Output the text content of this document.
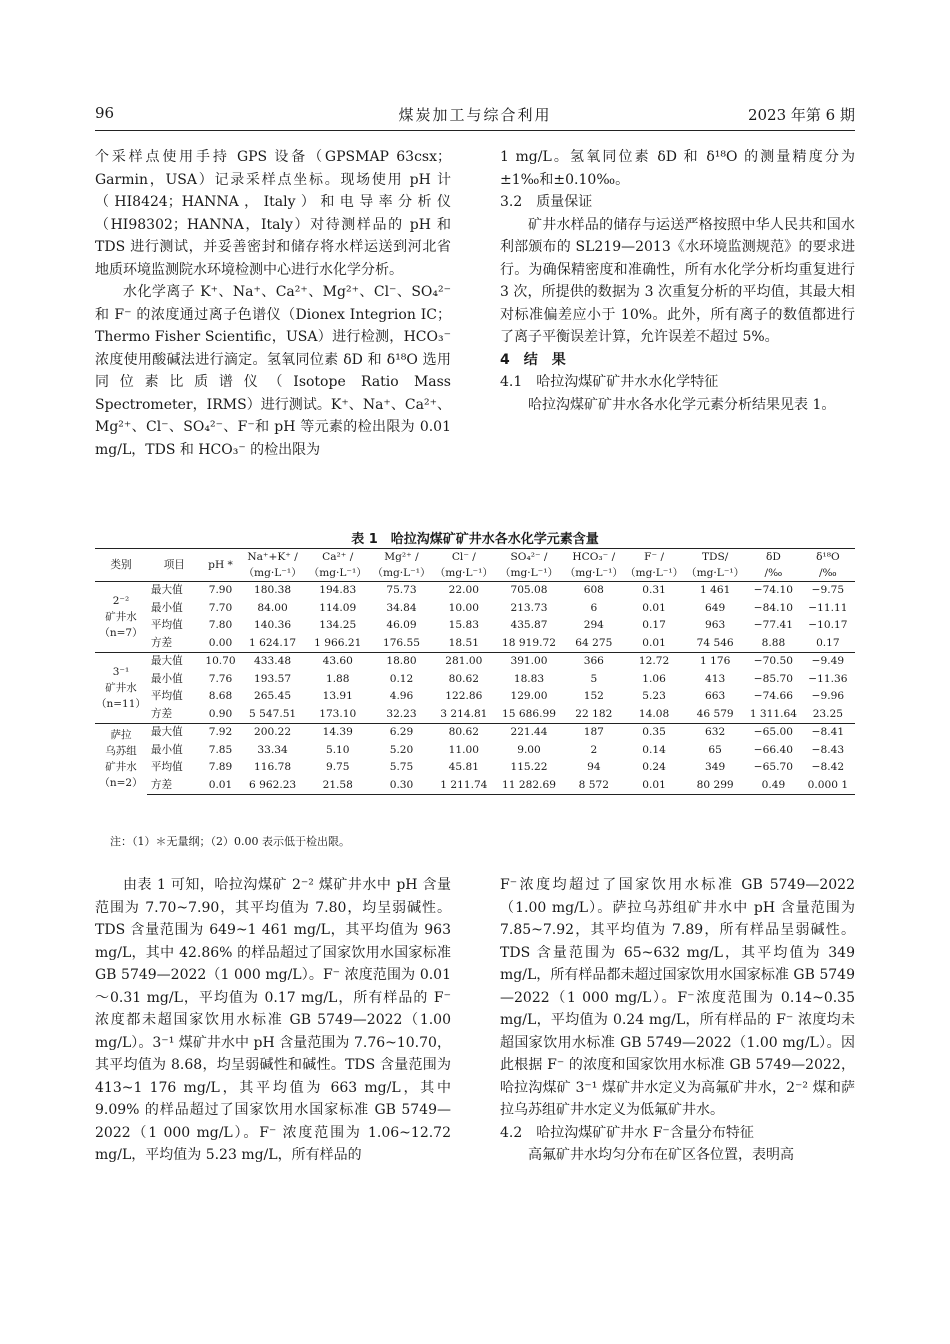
96	煤炭加工与综合利用	2023 年第 6 期

个采样点使用手持 GPS 设备（GPSMAP 63csx；Garmin，USA）记录采样点坐标。现场使用 pH 计（HI8424；HANNA，Italy）和电导率分析仪（HI98302；HANNA，Italy）对待测样品的 pH 和 TDS 进行测试，并妥善密封和储存将水样运送到河北省地质环境监测院水环境检测中心进行水化学分析。

水化学离子 K⁺、Na⁺、Ca²⁺、Mg²⁺、Cl⁻、SO₄²⁻ 和 F⁻ 的浓度通过离子色谱仪（Dionex Integrion IC；Thermo Fisher Scientific，USA）进行检测，HCO₃⁻ 浓度使用酸碱法进行滴定。氢氧同位素 δD 和 δ¹⁸O 选用同位素比质谱仪（Isotope Ratio Mass Spectrometer，IRMS）进行测试。K⁺、Na⁺、Ca²⁺、Mg²⁺、Cl⁻、SO₄²⁻、F⁻和 pH 等元素的检出限为 0.01 mg/L，TDS 和 HCO₃⁻ 的检出限为

1 mg/L。氢氧同位素 δD 和 δ¹⁸O 的测量精度分为 ±1‰和±0.10‰。

3.2　质量保证

矿井水样品的储存与运送严格按照中华人民共和国水利部颁布的 SL219—2013《水环境监测规范》的要求进行。为确保精密度和准确性，所有水化学分析均重复进行 3 次，所提供的数据为 3 次重复分析的平均值，其最大相对标准偏差应小于 10%。此外，所有离子的数值都进行了离子平衡误差计算，允许误差不超过 5%。

4　结　果

4.1　哈拉沟煤矿矿井水水化学特征

哈拉沟煤矿矿井水各水化学元素分析结果见表 1。

表 1　哈拉沟煤矿矿井水各水化学元素含量
类别	项目	pH *	Na⁺+K⁺ /	Ca²⁺ /	Mg²⁺ /	Cl⁻ /	SO₄²⁻ /	HCO₃⁻ /	F⁻ /	TDS/	δD	δ¹⁸O
			（mg·L⁻¹）	（mg·L⁻¹）	（mg·L⁻¹）	（mg·L⁻¹）	（mg·L⁻¹）	（mg·L⁻¹）	（mg·L⁻¹）	（mg·L⁻¹）	/‰	/‰

2⁻²
矿井水
（n=7）	最大值	7.90	180.38	194.83	75.73	22.00	705.08	608	0.31	1 461	−74.10	−9.75
	最小值	7.70	84.00	114.09	34.84	10.00	213.73	6	0.01	649	−84.10	−11.11
	平均值	7.80	140.36	134.25	46.09	15.83	435.87	294	0.17	963	−77.41	−10.17
	方差	0.00	1 624.17	1 966.21	176.55	18.51	18 919.72	64 275	0.01	74 546	8.88	0.17

3⁻¹
矿井水
（n=11）	最大值	10.70	433.48	43.60	18.80	281.00	391.00	366	12.72	1 176	−70.50	−9.49
	最小值	7.76	193.57	1.88	0.12	80.62	18.83	5	1.06	413	−85.70	−11.36
	平均值	8.68	265.45	13.91	4.96	122.86	129.00	152	5.23	663	−74.66	−9.96
	方差	0.90	5 547.51	173.10	32.23	3 214.81	15 686.99	22 182	14.08	46 579	1 311.64	23.25

萨拉
乌苏组
矿井水
（n=2）	最大值	7.92	200.22	14.39	6.29	80.62	221.44	187	0.35	632	−65.00	−8.41
	最小值	7.85	33.34	5.10	5.20	11.00	9.00	2	0.14	65	−66.40	−8.43
	平均值	7.89	116.78	9.75	5.75	45.81	115.22	94	0.24	349	−65.70	−8.42
	方差	0.01	6 962.23	21.58	0.30	1 211.74	11 282.69	8 572	0.01	80 299	0.49	0.000 1
注：（1）＊无量纲；（2）0.00 表示低于检出限。

由表 1 可知，哈拉沟煤矿 2⁻² 煤矿井水中 pH 含量范围为 7.70~7.90，其平均值为 7.80，均呈弱碱性。TDS 含量范围为 649~1 461 mg/L，其平均值为 963 mg/L，其中 42.86% 的样品超过了国家饮用水国家标准 GB 5749—2022（1 000 mg/L）。F⁻ 浓度范围为 0.01～0.31 mg/L，平均值为 0.17 mg/L，所有样品的 F⁻ 浓度都未超国家饮用水标准 GB 5749—2022（1.00 mg/L）。3⁻¹ 煤矿井水中 pH 含量范围为 7.76~10.70，其平均值为 8.68，均呈弱碱性和碱性。TDS 含量范围为 413~1 176 mg/L，其平均值为 663 mg/L，其中 9.09% 的样品超过了国家饮用水国家标准 GB 5749—2022（1 000 mg/L）。F⁻ 浓度范围为 1.06~12.72 mg/L，平均值为 5.23 mg/L，所有样品的

F⁻浓度均超过了国家饮用水标准 GB 5749—2022（1.00 mg/L）。萨拉乌苏组矿井水中 pH 含量范围为 7.85~7.92，其平均值为 7.89，所有样品呈弱碱性。TDS 含量范围为 65~632 mg/L，其平均值为 349 mg/L，所有样品都未超过国家饮用水国家标准 GB 5749—2022（1 000 mg/L）。F⁻浓度范围为 0.14~0.35 mg/L，平均值为 0.24 mg/L，所有样品的 F⁻ 浓度均未超国家饮用水标准 GB 5749—2022（1.00 mg/L）。因此根据 F⁻ 的浓度和国家饮用水标准 GB 5749—2022，哈拉沟煤矿 3⁻¹ 煤矿井水定义为高氟矿井水，2⁻² 煤和萨拉乌苏组矿井水定义为低氟矿井水。

4.2　哈拉沟煤矿矿井水 F⁻含量分布特征

高氟矿井水均匀分布在矿区各位置，表明高
